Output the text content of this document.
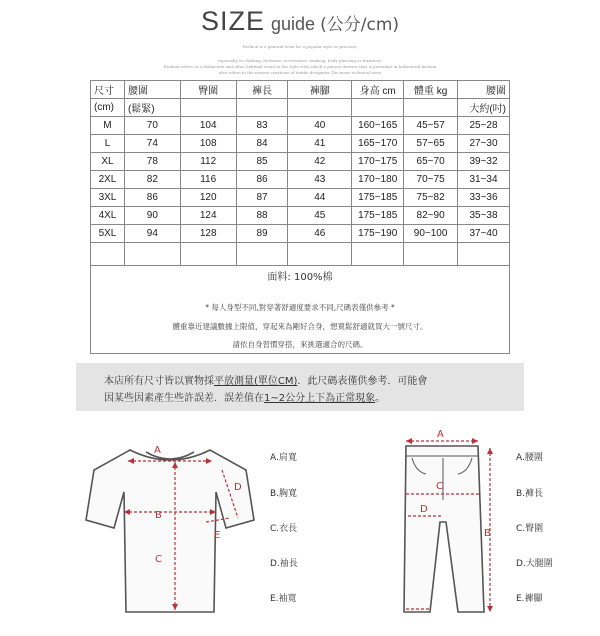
SIZE guide (公分/cm)
Fashion is a general term for a popular style or practice,
especially in clothing, footwear, accessories, makeup, body piercing or furniture.
Fashion refers to a distinctive and often habitual trend in the style with which a person dresses that is prevalent in behavioral fashion
also refers to the newest creations of textile designers.The more technical term
尺寸	腰圍	臀圍	褲長	褲腳	身高 cm	體重 kg	腰圍
(cm)	(鬆緊)						大約(吋)
M	70	104	83	40	160~165	45~57	25~28
L	74	108	84	41	165~170	57~65	27~30
XL	78	112	85	42	170~175	65~70	39~32
2XL	82	116	86	43	170~180	70~75	31~34
3XL	86	120	87	44	175~185	75~82	33~36
4XL	90	124	88	45	175~185	82~90	35~38
5XL	94	128	89	46	175~190	90~100	37~40

面料: 100%棉
* 每人身型不同,對穿著舒適度要求不同,尺碼表僅供參考 *
體重靠近建議數據上限值，穿起來為剛好合身，想寬鬆舒適就買大一號尺寸。
請依自身習慣穿搭，來挑選適合的尺碼。

本店所有尺寸皆以實物採平放測量(單位CM)．此尺碼表僅供參考．可能會

因某些因素產生些許誤差．誤差值在1~2公分上下為正常現象。

A
B
C
D
E
A
C
D
B
A.肩寬
B.胸寬
C.衣長
D.袖長
E.袖寬
A.腰圍
B.褲長
C.臀圍
D.大腿圍
E.褲腳
